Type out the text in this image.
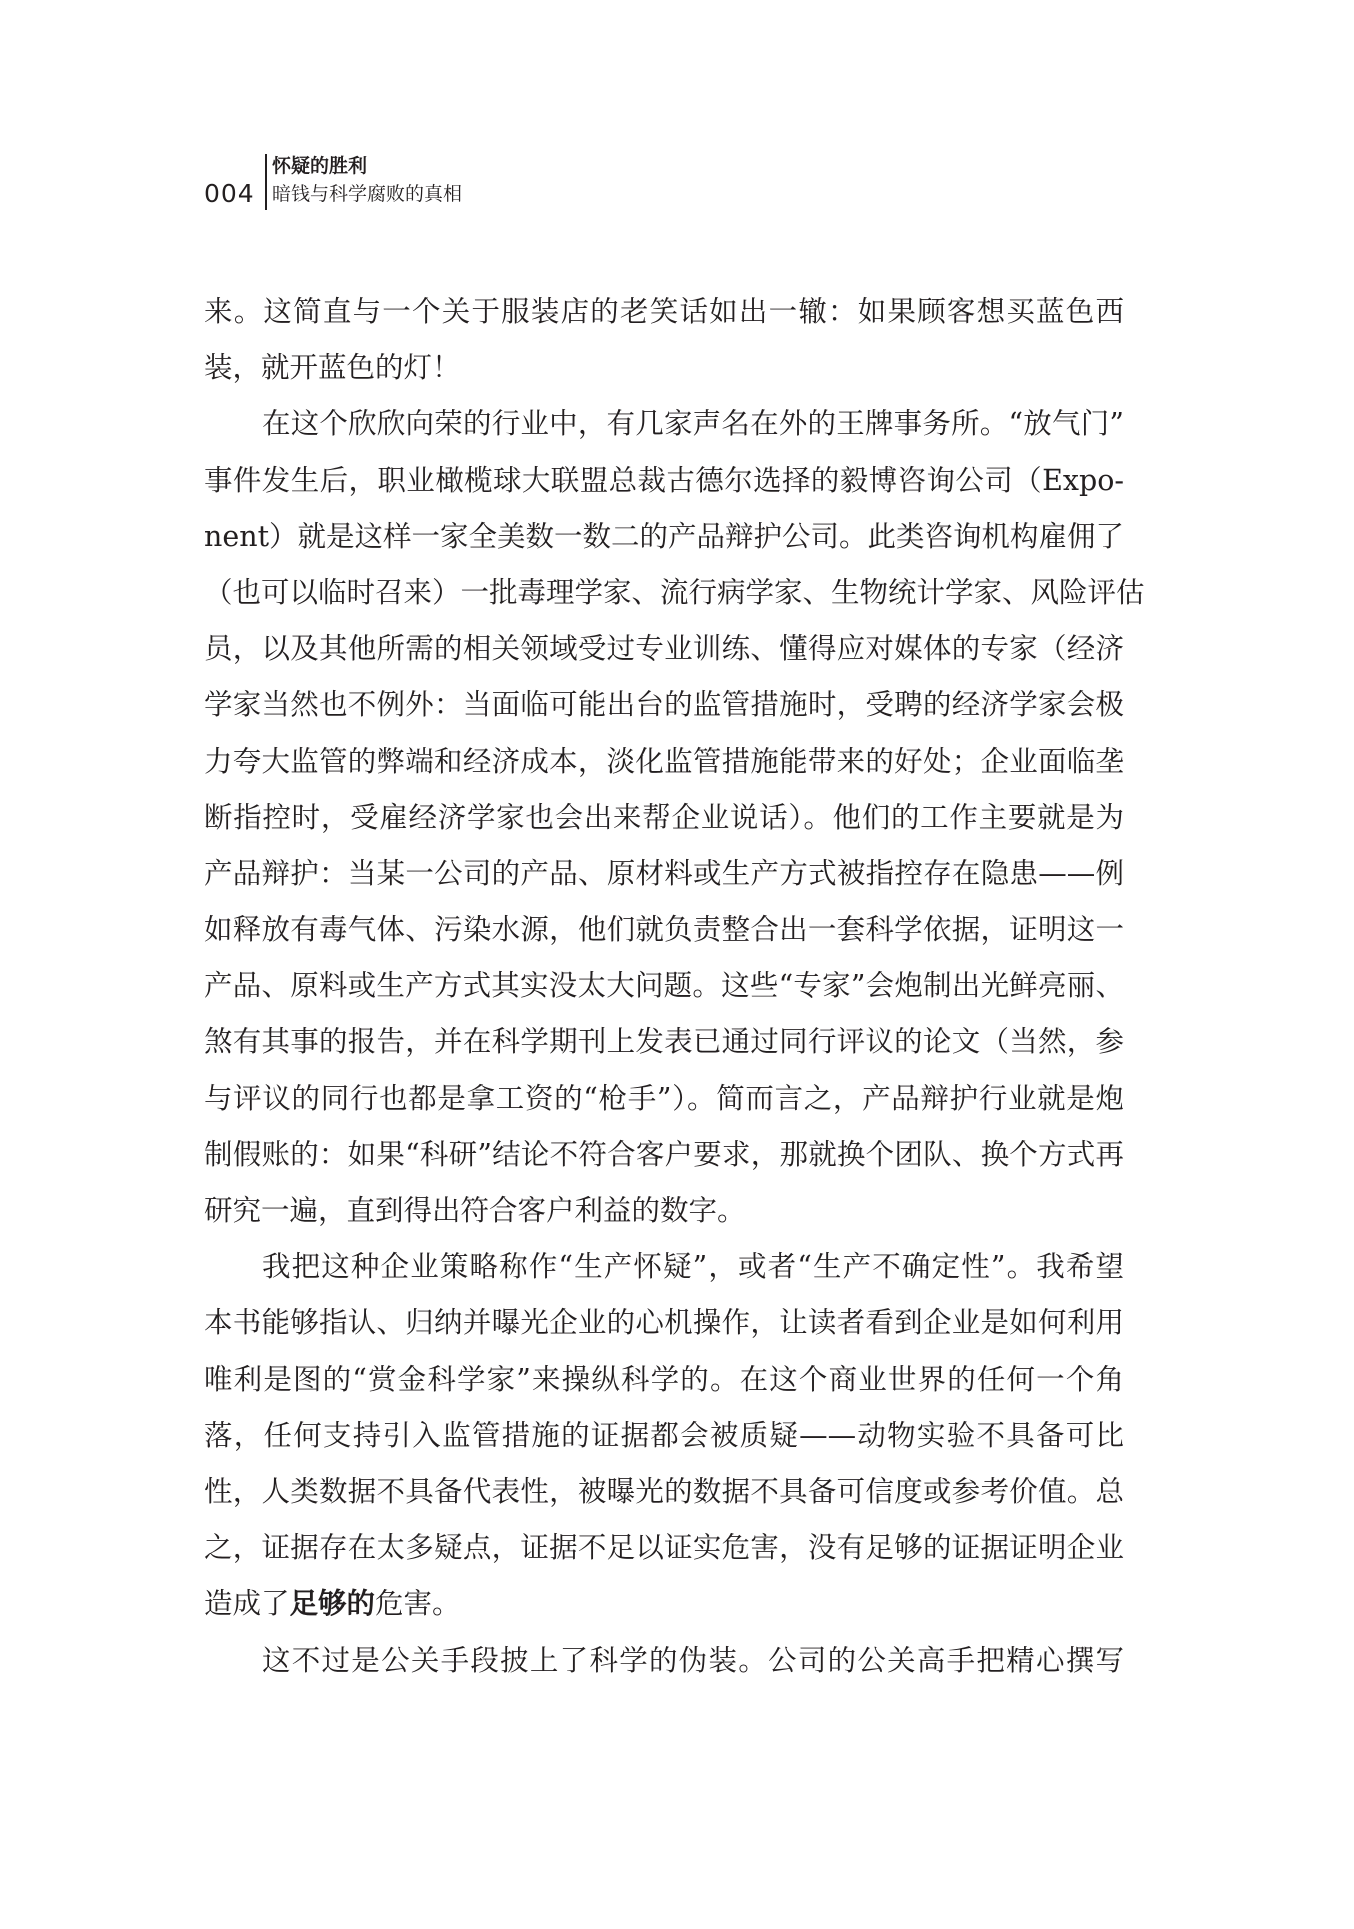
004
怀疑的胜利
暗钱与科学腐败的真相
来。这简直与一个关于服装店的老笑话如出一辙：如果顾客想买蓝色西
装，就开蓝色的灯！
在这个欣欣向荣的行业中，有几家声名在外的王牌事务所。“放气门”
事件发生后，职业橄榄球大联盟总裁古德尔选择的毅博咨询公司（Expo-
nent）就是这样一家全美数一数二的产品辩护公司。此类咨询机构雇佣了
（也可以临时召来）一批毒理学家、流行病学家、生物统计学家、风险评估
员，以及其他所需的相关领域受过专业训练、懂得应对媒体的专家（经济
学家当然也不例外：当面临可能出台的监管措施时，受聘的经济学家会极
力夸大监管的弊端和经济成本，淡化监管措施能带来的好处；企业面临垄
断指控时，受雇经济学家也会出来帮企业说话）。他们的工作主要就是为
产品辩护：当某一公司的产品、原材料或生产方式被指控存在隐患——例
如释放有毒气体、污染水源，他们就负责整合出一套科学依据，证明这一
产品、原料或生产方式其实没太大问题。这些“专家”会炮制出光鲜亮丽、
煞有其事的报告，并在科学期刊上发表已通过同行评议的论文（当然，参
与评议的同行也都是拿工资的“枪手”）。简而言之，产品辩护行业就是炮
制假账的：如果“科研”结论不符合客户要求，那就换个团队、换个方式再
研究一遍，直到得出符合客户利益的数字。
我把这种企业策略称作“生产怀疑”，或者“生产不确定性”。我希望
本书能够指认、归纳并曝光企业的心机操作，让读者看到企业是如何利用
唯利是图的“赏金科学家”来操纵科学的。在这个商业世界的任何一个角
落，任何支持引入监管措施的证据都会被质疑——动物实验不具备可比
性，人类数据不具备代表性，被曝光的数据不具备可信度或参考价值。总
之，证据存在太多疑点，证据不足以证实危害，没有足够的证据证明企业
造成了足够的危害。
这不过是公关手段披上了科学的伪装。公司的公关高手把精心撰写
